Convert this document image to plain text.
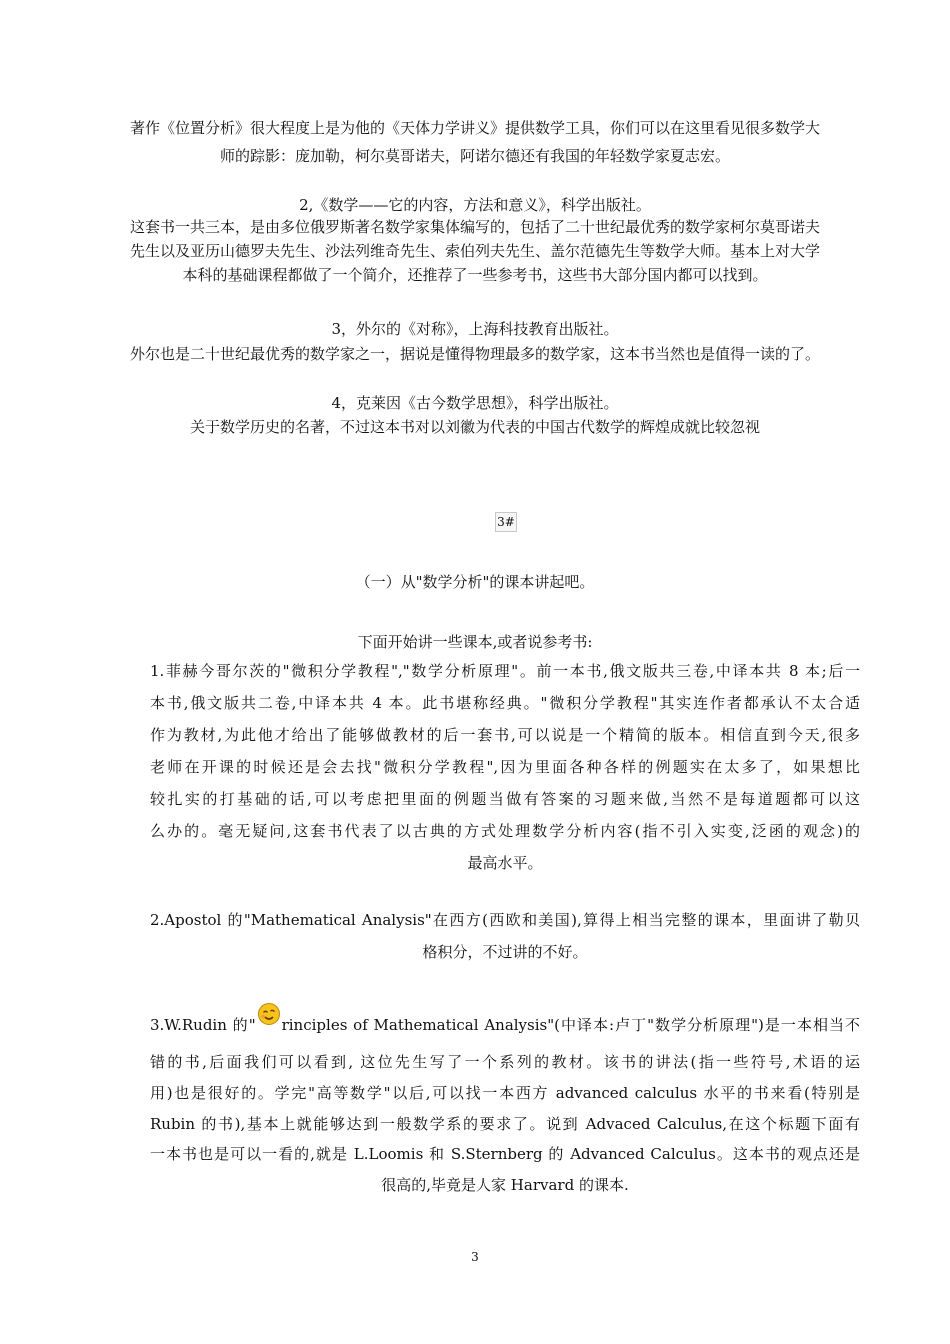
著作《位置分析》很大程度上是为他的《天体力学讲义》提供数学工具，你们可以在这里看见很多数学大
师的踪影：庞加勒，柯尔莫哥诺夫，阿诺尔德还有我国的年轻数学家夏志宏。
2,《数学——它的内容，方法和意义》，科学出版社。
这套书一共三本，是由多位俄罗斯著名数学家集体编写的，包括了二十世纪最优秀的数学家柯尔莫哥诺夫
先生以及亚历山德罗夫先生、沙法列维奇先生、索伯列夫先生、盖尔范德先生等数学大师。基本上对大学
本科的基础课程都做了一个简介，还推荐了一些参考书，这些书大部分国内都可以找到。
3，外尔的《对称》，上海科技教育出版社。
外尔也是二十世纪最优秀的数学家之一，据说是懂得物理最多的数学家，这本书当然也是值得一读的了。
4，克莱因《古今数学思想》，科学出版社。
关于数学历史的名著，不过这本书对以刘徽为代表的中国古代数学的辉煌成就比较忽视
3#
（一）从"数学分析"的课本讲起吧。
下面开始讲一些课本,或者说参考书:
1.菲赫今哥尔茨的"微积分学教程","数学分析原理"。前一本书,俄文版共三卷,中译本共 8 本;后一
本书,俄文版共二卷,中译本共 4 本。此书堪称经典。"微积分学教程"其实连作者都承认不太合适
作为教材,为此他才给出了能够做教材的后一套书,可以说是一个精简的版本。相信直到今天,很多
老师在开课的时候还是会去找"微积分学教程",因为里面各种各样的例题实在太多了，如果想比
较扎实的打基础的话,可以考虑把里面的例题当做有答案的习题来做,当然不是每道题都可以这
么办的。毫无疑问,这套书代表了以古典的方式处理数学分析内容(指不引入实变,泛函的观念)的
最高水平。
2.Apostol 的"Mathematical Analysis"在西方(西欧和美国),算得上相当完整的课本，里面讲了勒贝
格积分，不过讲的不好。
3.W.Rudin 的" rinciples of Mathematical Analysis"(中译本:卢丁"数学分析原理")是一本相当不
错的书,后面我们可以看到, 这位先生写了一个系列的教材。该书的讲法(指一些符号,术语的运
用)也是很好的。学完"高等数学"以后,可以找一本西方 advanced calculus 水平的书来看(特别是
Rubin 的书),基本上就能够达到一般数学系的要求了。说到 Advaced Calculus,在这个标题下面有
一本书也是可以一看的,就是 L.Loomis 和 S.Sternberg 的 Advanced Calculus。这本书的观点还是
很高的,毕竟是人家 Harvard 的课本.
3
